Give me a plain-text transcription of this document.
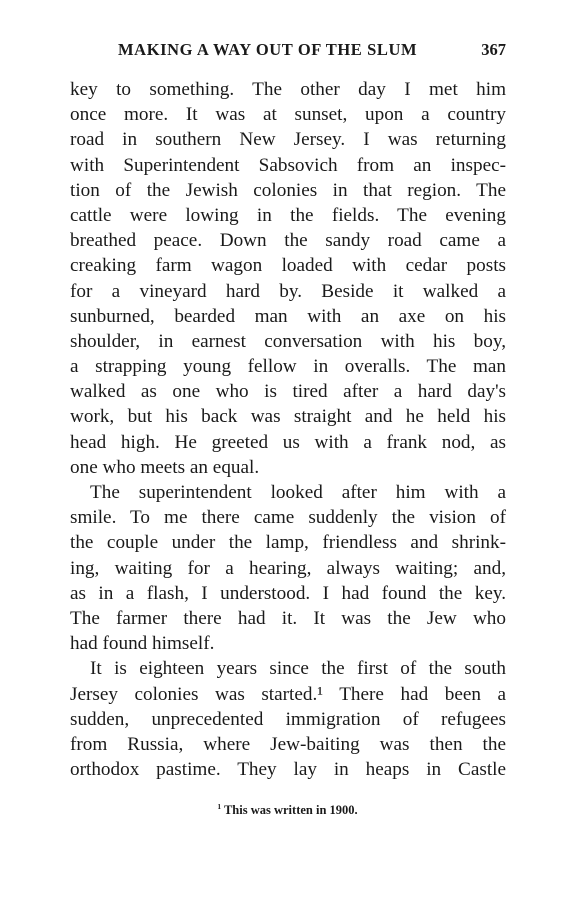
MAKING A WAY OUT OF THE SLUM	367
key to something. The other day I met him
once more. It was at sunset, upon a country
road in southern New Jersey. I was returning
with Superintendent Sabsovich from an inspec-
tion of the Jewish colonies in that region. The
cattle were lowing in the fields. The evening
breathed peace. Down the sandy road came a
creaking farm wagon loaded with cedar posts
for a vineyard hard by. Beside it walked a
sunburned, bearded man with an axe on his
shoulder, in earnest conversation with his boy,
a strapping young fellow in overalls. The man
walked as one who is tired after a hard day's
work, but his back was straight and he held his
head high. He greeted us with a frank nod, as
one who meets an equal.
The superintendent looked after him with a
smile. To me there came suddenly the vision of
the couple under the lamp, friendless and shrink-
ing, waiting for a hearing, always waiting; and,
as in a flash, I understood. I had found the key.
The farmer there had it. It was the Jew who
had found himself.
It is eighteen years since the first of the south
Jersey colonies was started.¹ There had been a
sudden, unprecedented immigration of refugees
from Russia, where Jew-baiting was then the
orthodox pastime. They lay in heaps in Castle
$^1$ This was written in 1900.
